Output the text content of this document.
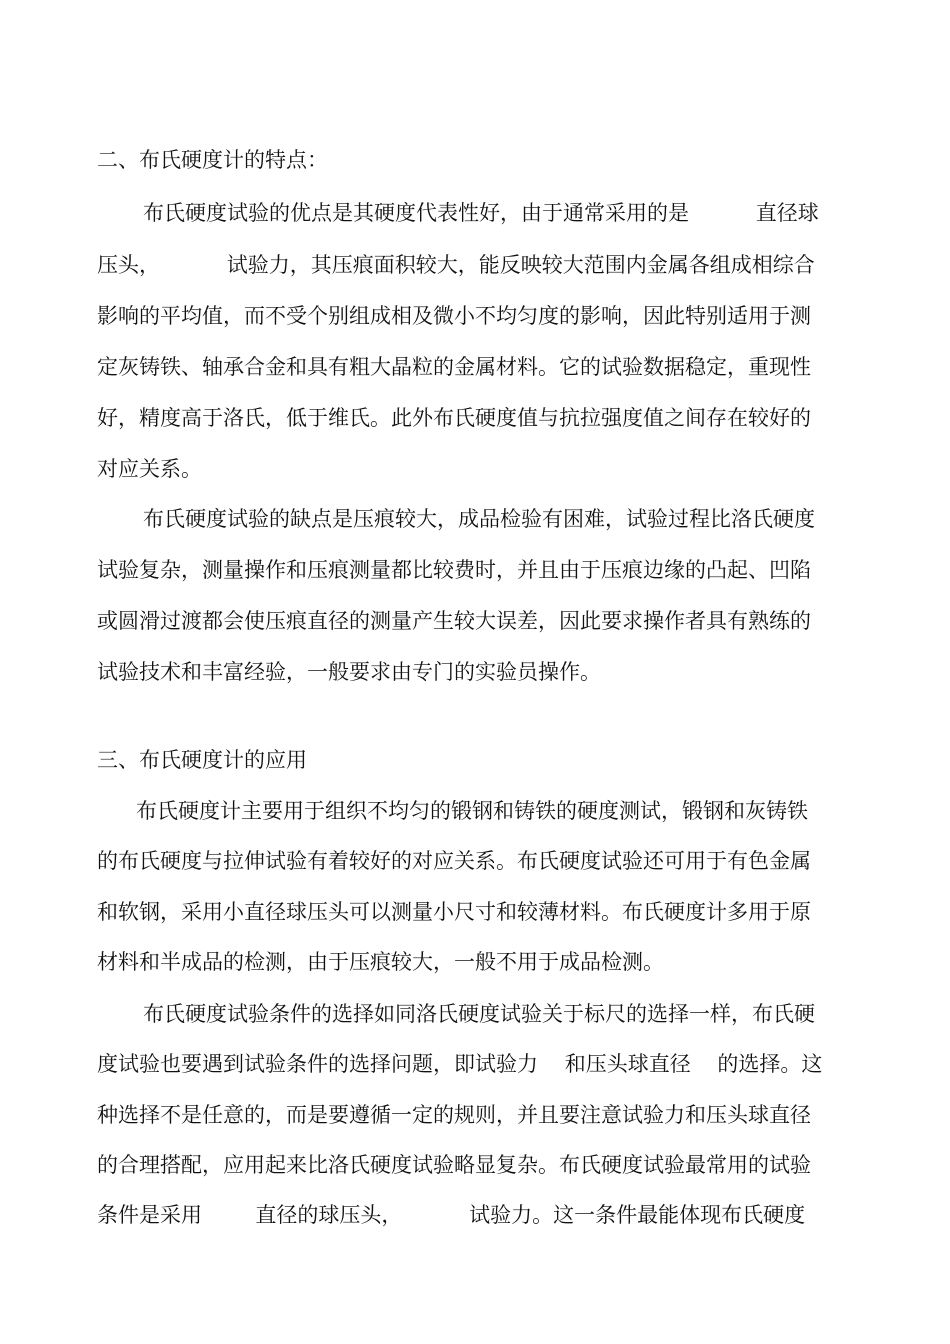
二、布氏硬度计的特点：

布氏硬度试验的优点是其硬度代表性好，由于通常采用的是          直径球

压头，          试验力，其压痕面积较大，能反映较大范围内金属各组成相综合

影响的平均值，而不受个别组成相及微小不均匀度的影响，因此特别适用于测

定灰铸铁、轴承合金和具有粗大晶粒的金属材料。它的试验数据稳定，重现性

好，精度高于洛氏，低于维氏。此外布氏硬度值与抗拉强度值之间存在较好的

对应关系。

布氏硬度试验的缺点是压痕较大，成品检验有困难，试验过程比洛氏硬度

试验复杂，测量操作和压痕测量都比较费时，并且由于压痕边缘的凸起、凹陷

或圆滑过渡都会使压痕直径的测量产生较大误差，因此要求操作者具有熟练的

试验技术和丰富经验，一般要求由专门的实验员操作。

三、布氏硬度计的应用

布氏硬度计主要用于组织不均匀的锻钢和铸铁的硬度测试，锻钢和灰铸铁

的布氏硬度与拉伸试验有着较好的对应关系。布氏硬度试验还可用于有色金属

和软钢，采用小直径球压头可以测量小尺寸和较薄材料。布氏硬度计多用于原

材料和半成品的检测，由于压痕较大，一般不用于成品检测。

布氏硬度试验条件的选择如同洛氏硬度试验关于标尺的选择一样，布氏硬

度试验也要遇到试验条件的选择问题，即试验力    和压头球直径    的选择。这

种选择不是任意的，而是要遵循一定的规则，并且要注意试验力和压头球直径

的合理搭配，应用起来比洛氏硬度试验略显复杂。布氏硬度试验最常用的试验

条件是采用        直径的球压头，          试验力。这一条件最能体现布氏硬度
